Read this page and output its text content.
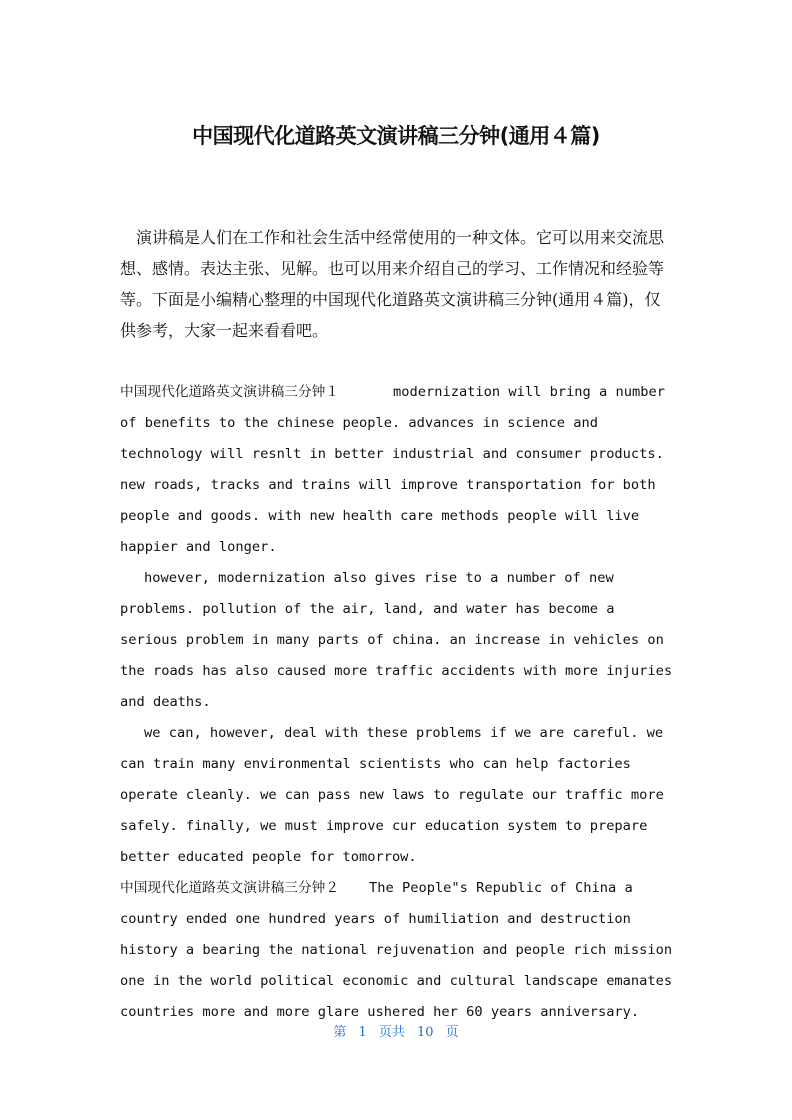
中国现代化道路英文演讲稿三分钟(通用４篇)

演讲稿是人们在工作和社会生活中经常使用的一种文体。它可以用来交流思想、感情。表达主张、见解。也可以用来介绍自己的学习、工作情况和经验等等。下面是小编精心整理的中国现代化道路英文演讲稿三分钟(通用４篇)，仅供参考，大家一起来看看吧。

中国现代化道路英文演讲稿三分钟１	modernization will bring a number of benefits to the chinese people. advances in science and technology will resnlt in better industrial and consumer products. new roads, tracks and trains will improve transportation for both people and goods. with new health care methods people will live happier and longer.

however, modernization also gives rise to a number of new problems. pollution of the air, land, and water has become a serious problem in many parts of china. an increase in vehicles on the roads has also caused more traffic accidents with more injuries and deaths.

we can, however, deal with these problems if we are careful. we can train many environmental scientists who can help factories operate cleanly. we can pass new laws to regulate our traffic more safely. finally, we must improve cur education system to prepare better educated people for tomorrow.

中国现代化道路英文演讲稿三分钟２ The People"s Republic of China a country ended one hundred years of humiliation and destruction history a bearing the national rejuvenation and people rich mission one in the world political economic and cultural landscape emanates countries more and more glare ushered her 60 years anniversary.

第 1 页共 10 页
